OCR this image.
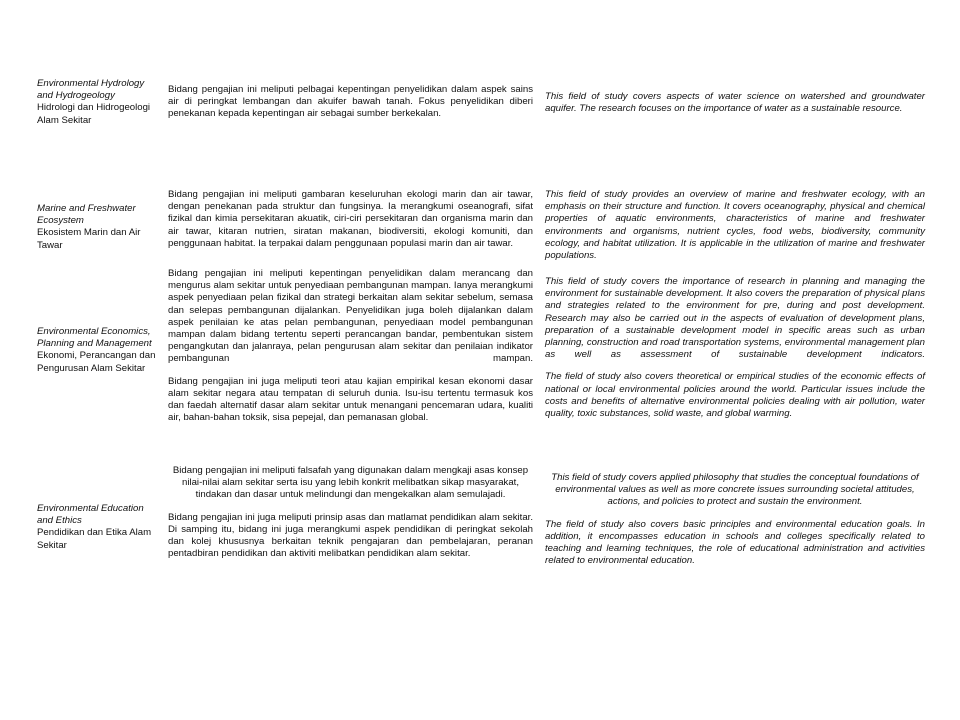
Environmental Hydrology and Hydrogeology
Hidrologi dan Hidrogeologi Alam Sekitar
Bidang pengajian ini meliputi pelbagai kepentingan penyelidikan dalam aspek sains air di peringkat lembangan dan akuifer bawah tanah. Fokus penyelidikan diberi penekanan kepada kepentingan air sebagai sumber berkekalan.
This field of study covers aspects of water science on watershed and groundwater aquifer. The research focuses on the importance of water as a sustainable resource.
Marine and Freshwater Ecosystem
Ekosistem Marin dan Air Tawar
Bidang pengajian ini meliputi gambaran keseluruhan ekologi marin dan air tawar, dengan penekanan pada struktur dan fungsinya. Ia merangkumi oseanografi, sifat fizikal dan kimia persekitaran akuatik, ciri-ciri persekitaran dan organisma marin dan air tawar, kitaran nutrien, siratan makanan, biodiversiti, ekologi komuniti, dan penggunaan habitat. Ia terpakai dalam penggunaan populasi marin dan air tawar.
This field of study provides an overview of marine and freshwater ecology, with an emphasis on their structure and function. It covers oceanography, physical and chemical properties of aquatic environments, characteristics of marine and freshwater environments and organisms, nutrient cycles, food webs, biodiversity, community ecology, and habitat utilization. It is applicable in the utilization of marine and freshwater populations.
Environmental Economics, Planning and Management
Ekonomi, Perancangan dan Pengurusan Alam Sekitar
Bidang pengajian ini meliputi kepentingan penyelidikan dalam merancang dan mengurus alam sekitar untuk penyediaan pembangunan mampan. Ianya merangkumi aspek penyediaan pelan fizikal dan strategi berkaitan alam sekitar sebelum, semasa dan selepas pembangunan dijalankan. Penyelidikan juga boleh dijalankan dalam aspek penilaian ke atas pelan pembangunan, penyediaan model pembangunan mampan dalam bidang tertentu seperti perancangan bandar, pembentukan sistem pengangkutan dan jalanraya, pelan pengurusan alam sekitar dan penilaian indikator pembangunan mampan.
Bidang pengajian ini juga meliputi teori atau kajian empirikal kesan ekonomi dasar alam sekitar negara atau tempatan di seluruh dunia. Isu-isu tertentu termasuk kos dan faedah alternatif dasar alam sekitar untuk menangani pencemaran udara, kualiti air, bahan-bahan toksik, sisa pepejal, dan pemanasan global.
This field of study covers the importance of research in planning and managing the environment for sustainable development. It also covers the preparation of physical plans and strategies related to the environment for pre, during and post development. Research may also be carried out in the aspects of evaluation of development plans, preparation of a sustainable development model in specific areas such as urban planning, construction and road transportation systems, environmental management plan as well as assessment of sustainable development indicators.
The field of study also covers theoretical or empirical studies of the economic effects of national or local environmental policies around the world. Particular issues include the costs and benefits of alternative environmental policies dealing with air pollution, water quality, toxic substances, solid waste, and global warming.
Environmental Education and Ethics
Pendidikan dan Etika Alam Sekitar
Bidang pengajian ini meliputi falsafah yang digunakan dalam mengkaji asas konsep nilai-nilai alam sekitar serta isu yang lebih konkrit melibatkan sikap masyarakat, tindakan dan dasar untuk melindungi dan mengekalkan alam semulajadi.
Bidang pengajian ini juga meliputi prinsip asas dan matlamat pendidikan alam sekitar. Di samping itu, bidang ini juga merangkumi aspek pendidikan di peringkat sekolah dan kolej khususnya berkaitan teknik pengajaran dan pembelajaran, peranan pentadbiran pendidikan dan aktiviti melibatkan pendidikan alam sekitar.
This field of study covers applied philosophy that studies the conceptual foundations of environmental values as well as more concrete issues surrounding societal attitudes, actions, and policies to protect and sustain the environment.
The field of study also covers basic principles and environmental education goals. In addition, it encompasses education in schools and colleges specifically related to teaching and learning techniques, the role of educational administration and activities related to environmental education.
